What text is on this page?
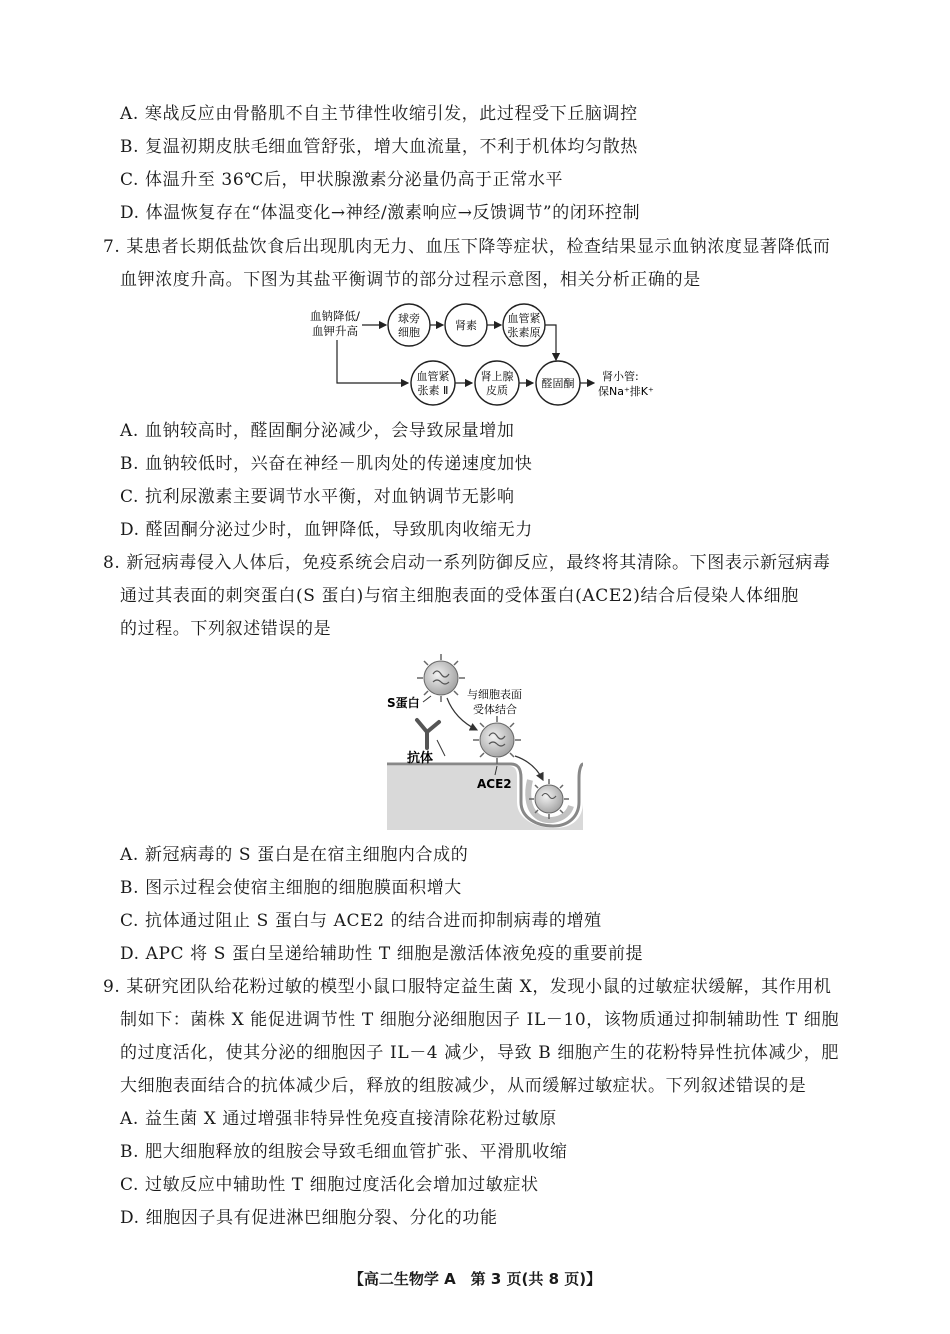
A. 寒战反应由骨骼肌不自主节律性收缩引发，此过程受下丘脑调控
B. 复温初期皮肤毛细血管舒张，增大血流量，不利于机体均匀散热
C. 体温升至 36℃后，甲状腺激素分泌量仍高于正常水平
D. 体温恢复存在“体温变化→神经/激素响应→反馈调节”的闭环控制
7. 某患者长期低盐饮食后出现肌肉无力、血压下降等症状，检查结果显示血钠浓度显著降低而
血钾浓度升高。下图为其盐平衡调节的部分过程示意图，相关分析正确的是
血钠降低/
血钾升高
球旁
细胞
肾素
血管紧
张素原
血管紧
张素 Ⅱ
肾上腺
皮质
醛固酮
肾小管:
保Na⁺排K⁺
A. 血钠较高时，醛固酮分泌减少，会导致尿量增加
B. 血钠较低时，兴奋在神经－肌肉处的传递速度加快
C. 抗利尿激素主要调节水平衡，对血钠调节无影响
D. 醛固酮分泌过少时，血钾降低，导致肌肉收缩无力
8. 新冠病毒侵入人体后，免疫系统会启动一系列防御反应，最终将其清除。下图表示新冠病毒
通过其表面的刺突蛋白(S 蛋白)与宿主细胞表面的受体蛋白(ACE2)结合后侵染人体细胞
的过程。下列叙述错误的是
S蛋白
与细胞表面
受体结合
抗体
ACE2
A. 新冠病毒的 S 蛋白是在宿主细胞内合成的
B. 图示过程会使宿主细胞的细胞膜面积增大
C. 抗体通过阻止 S 蛋白与 ACE2 的结合进而抑制病毒的增殖
D. APC 将 S 蛋白呈递给辅助性 T 细胞是激活体液免疫的重要前提
9. 某研究团队给花粉过敏的模型小鼠口服特定益生菌 X，发现小鼠的过敏症状缓解，其作用机
制如下：菌株 X 能促进调节性 T 细胞分泌细胞因子 IL－10，该物质通过抑制辅助性 T 细胞
的过度活化，使其分泌的细胞因子 IL－4 减少，导致 B 细胞产生的花粉特异性抗体减少，肥
大细胞表面结合的抗体减少后，释放的组胺减少，从而缓解过敏症状。下列叙述错误的是
A. 益生菌 X 通过增强非特异性免疫直接清除花粉过敏原
B. 肥大细胞释放的组胺会导致毛细血管扩张、平滑肌收缩
C. 过敏反应中辅助性 T 细胞过度活化会增加过敏症状
D. 细胞因子具有促进淋巴细胞分裂、分化的功能
【高二生物学 A　第 3 页(共 8 页)】
